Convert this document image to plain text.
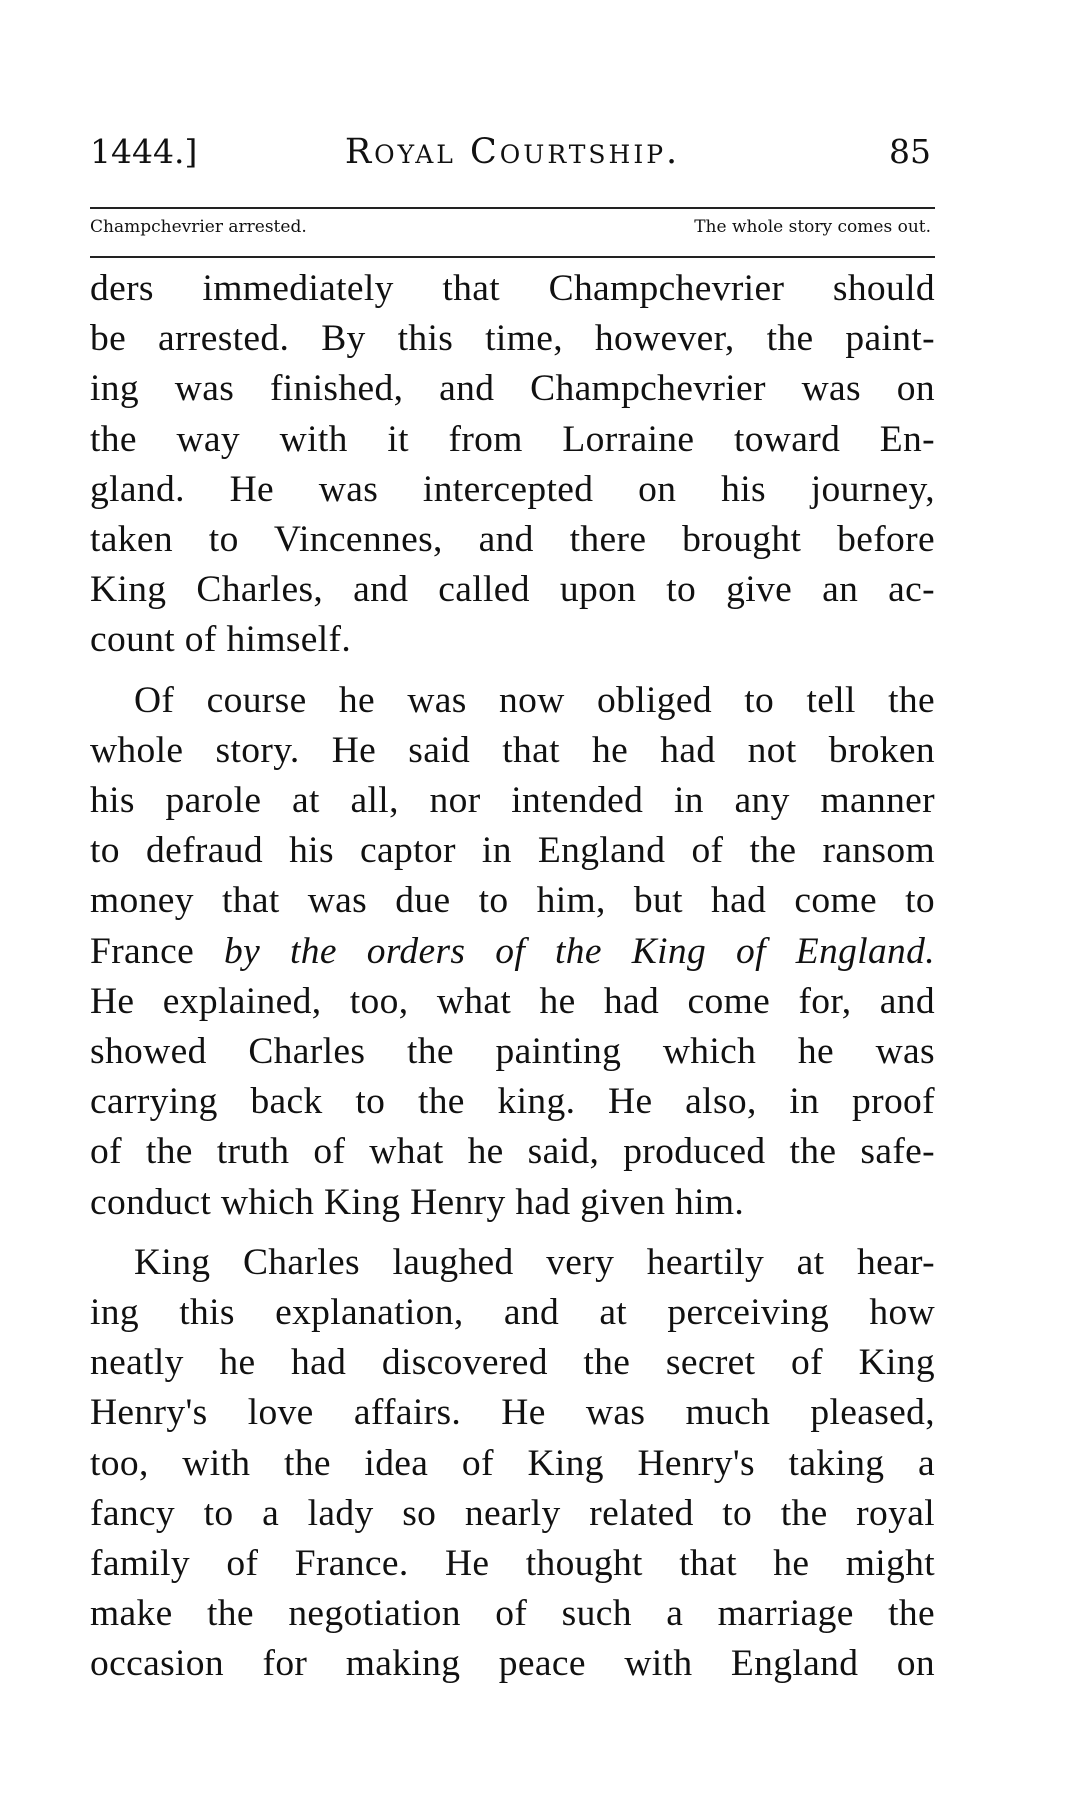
1444.]	Royal Courtship.	85
Champchevrier arrested.	The whole story comes out.
ders immediately that Champchevrier should
be arrested. By this time, however, the paint-
ing was finished, and Champchevrier was on
the way with it from Lorraine toward En-
gland. He was intercepted on his journey,
taken to Vincennes, and there brought before
King Charles, and called upon to give an ac-
count of himself.
Of course he was now obliged to tell the
whole story. He said that he had not broken
his parole at all, nor intended in any manner
to defraud his captor in England of the ransom
money that was due to him, but had come to
France by the orders of the King of England.
He explained, too, what he had come for, and
showed Charles the painting which he was
carrying back to the king. He also, in proof
of the truth of what he said, produced the safe-
conduct which King Henry had given him.
King Charles laughed very heartily at hear-
ing this explanation, and at perceiving how
neatly he had discovered the secret of King
Henry's love affairs. He was much pleased,
too, with the idea of King Henry's taking a
fancy to a lady so nearly related to the royal
family of France. He thought that he might
make the negotiation of such a marriage the
occasion for making peace with England on
